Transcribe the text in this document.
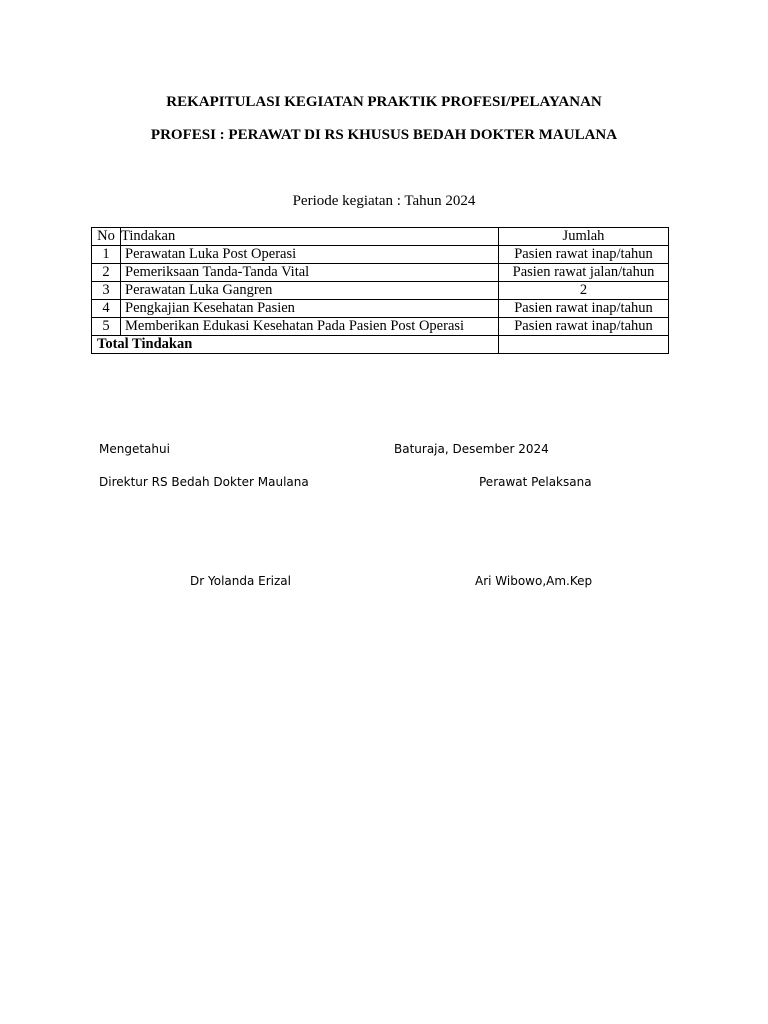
REKAPITULASI KEGIATAN PRAKTIK PROFESI/PELAYANAN
PROFESI : PERAWAT DI RS KHUSUS BEDAH DOKTER MAULANA
Periode kegiatan : Tahun 2024
No	Tindakan	Jumlah
1	Perawatan Luka Post Operasi	Pasien rawat inap/tahun
2	Pemeriksaan Tanda-Tanda Vital	Pasien rawat jalan/tahun
3	Perawatan Luka Gangren	2
4	Pengkajian Kesehatan Pasien	Pasien rawat inap/tahun
5	Memberikan Edukasi Kesehatan Pada Pasien Post Operasi	Pasien rawat inap/tahun
Total Tindakan		
Mengetahui	Baturaja, Desember 2024
Direktur RS Bedah Dokter Maulana	Perawat Pelaksana
Dr Yolanda Erizal	Ari Wibowo,Am.Kep
